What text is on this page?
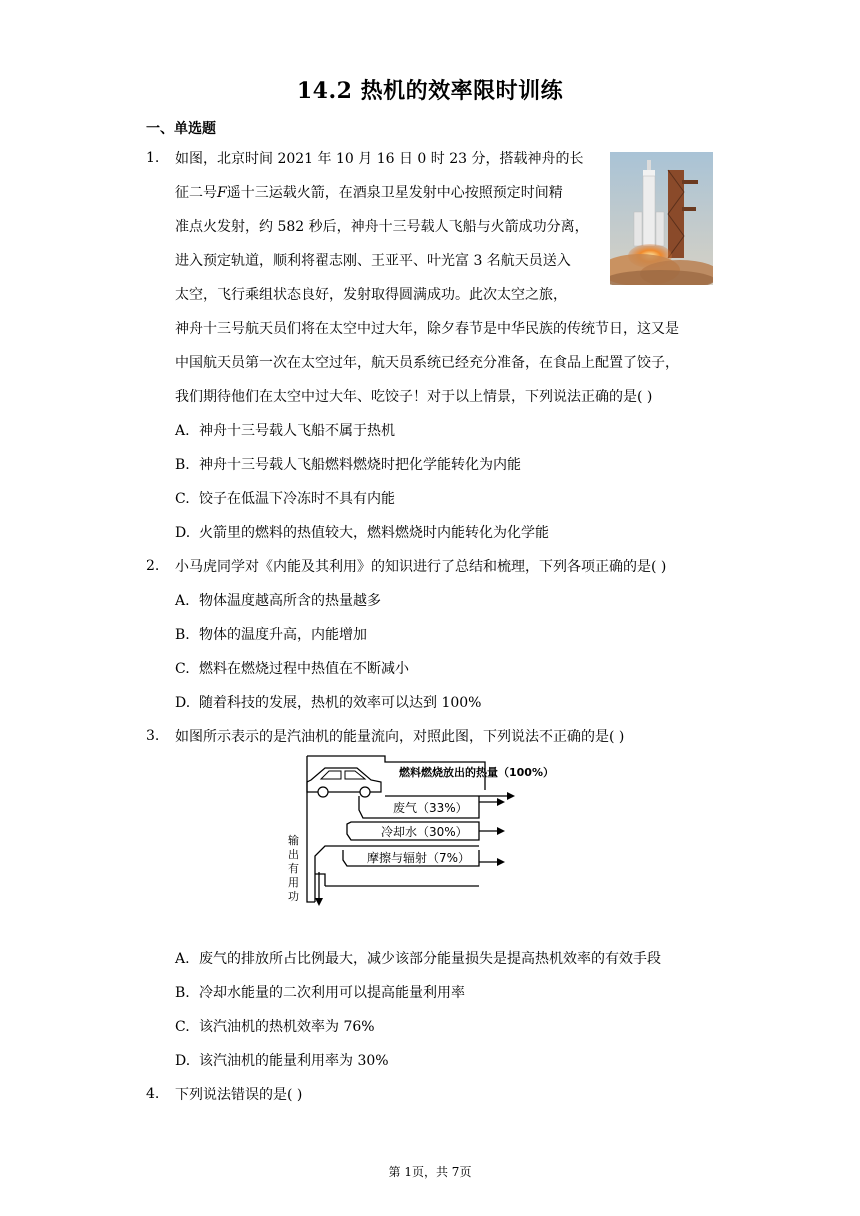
14.2 热机的效率限时训练
一、单选题
1. 如图，北京时间 2021 年 10 月 16 日 0 时 23 分，搭载神舟的长
征二号𝐹遥十三运载火箭，在酒泉卫星发射中心按照预定时间精
准点火发射，约 582 秒后，神舟十三号载人飞船与火箭成功分离，
进入预定轨道，顺利将翟志刚、王亚平、叶光富 3 名航天员送入
太空，飞行乘组状态良好，发射取得圆满成功。此次太空之旅，
神舟十三号航天员们将在太空中过大年，除夕春节是中华民族的传统节日，这又是
中国航天员第一次在太空过年，航天员系统已经充分准备，在食品上配置了饺子，
我们期待他们在太空中过大年、吃饺子！对于以上情景，下列说法正确的是( )
A. 神舟十三号载人飞船不属于热机
B. 神舟十三号载人飞船燃料燃烧时把化学能转化为内能
C. 饺子在低温下冷冻时不具有内能
D. 火箭里的燃料的热值较大，燃料燃烧时内能转化为化学能
2. 小马虎同学对《内能及其利用》的知识进行了总结和梳理，下列各项正确的是( )
A. 物体温度越高所含的热量越多
B. 物体的温度升高，内能增加
C. 燃料在燃烧过程中热值在不断减小
D. 随着科技的发展，热机的效率可以达到 100%
3. 如图所示表示的是汽油机的能量流向，对照此图，下列说法不正确的是( )
燃料燃烧放出的热量（100%）
废气（33%）
冷却水（30%）
摩擦与辐射（7%）
输
出
有
用
功
A. 废气的排放所占比例最大，减少该部分能量损失是提高热机效率的有效手段
B. 冷却水能量的二次利用可以提高能量利用率
C. 该汽油机的热机效率为 76%
D. 该汽油机的能量利用率为 30%
4. 下列说法错误的是( )
第 1页，共 7页
